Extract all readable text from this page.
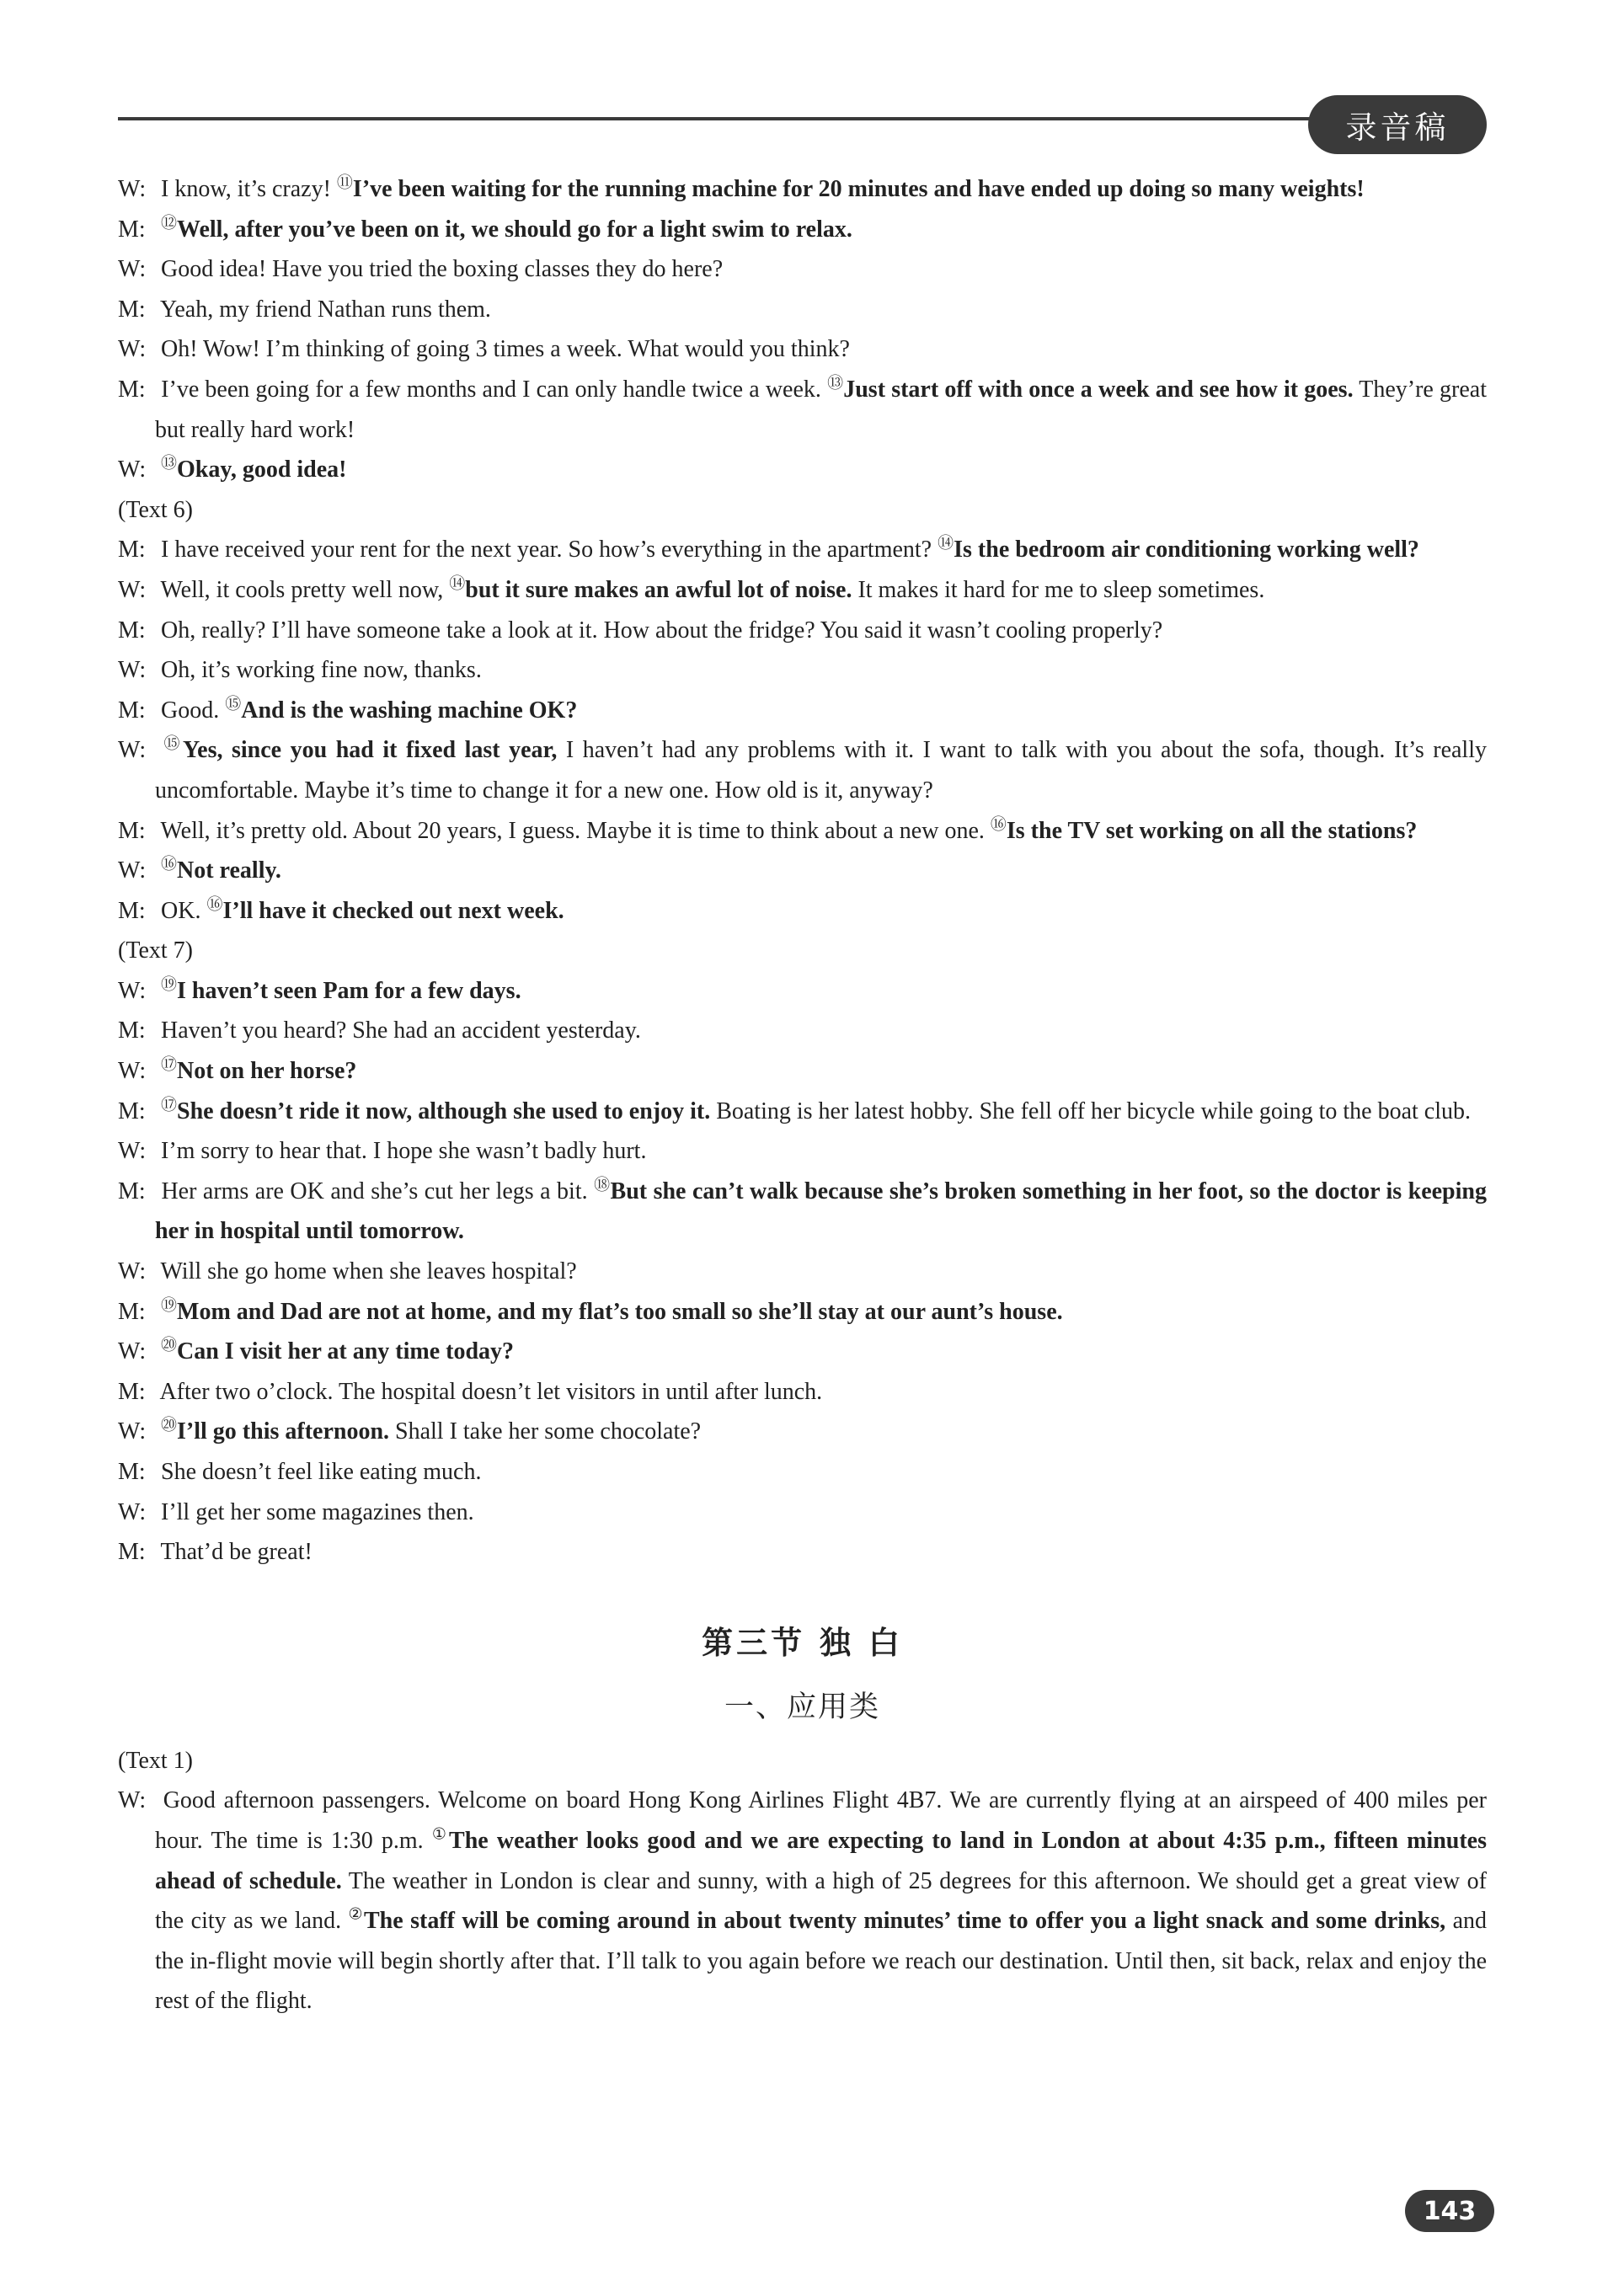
录音稿
W: I know, it’s crazy! ⑪I’ve been waiting for the running machine for 20 minutes and have ended up doing so many weights!
M: ⑫Well, after you’ve been on it, we should go for a light swim to relax.
W: Good idea! Have you tried the boxing classes they do here?
M: Yeah, my friend Nathan runs them.
W: Oh! Wow! I’m thinking of going 3 times a week. What would you think?
M: I’ve been going for a few months and I can only handle twice a week. ⑬Just start off with once a week and see how it goes. They’re great but really hard work!
W: ⑬Okay, good idea!
(Text 6)
M: I have received your rent for the next year. So how’s everything in the apartment? ⑭Is the bedroom air conditioning working well?
W: Well, it cools pretty well now, ⑭but it sure makes an awful lot of noise. It makes it hard for me to sleep sometimes.
M: Oh, really? I’ll have someone take a look at it. How about the fridge? You said it wasn’t cooling properly?
W: Oh, it’s working fine now, thanks.
M: Good. ⑮And is the washing machine OK?
W: ⑮Yes, since you had it fixed last year, I haven’t had any problems with it. I want to talk with you about the sofa, though. It’s really uncomfortable. Maybe it’s time to change it for a new one. How old is it, anyway?
M: Well, it’s pretty old. About 20 years, I guess. Maybe it is time to think about a new one. ⑯Is the TV set working on all the stations?
W: ⑯Not really.
M: OK. ⑯I’ll have it checked out next week.
(Text 7)
W: ⑲I haven’t seen Pam for a few days.
M: Haven’t you heard? She had an accident yesterday.
W: ⑰Not on her horse?
M: ⑰She doesn’t ride it now, although she used to enjoy it. Boating is her latest hobby. She fell off her bicycle while going to the boat club.
W: I’m sorry to hear that. I hope she wasn’t badly hurt.
M: Her arms are OK and she’s cut her legs a bit. ⑱But she can’t walk because she’s broken something in her foot, so the doctor is keeping her in hospital until tomorrow.
W: Will she go home when she leaves hospital?
M: ⑲Mom and Dad are not at home, and my flat’s too small so she’ll stay at our aunt’s house.
W: ⑳Can I visit her at any time today?
M: After two o’clock. The hospital doesn’t let visitors in until after lunch.
W: ⑳I’ll go this afternoon. Shall I take her some chocolate?
M: She doesn’t feel like eating much.
W: I’ll get her some magazines then.
M: That’d be great!
第三节 独 白
一、应用类
(Text 1)
W: Good afternoon passengers. Welcome on board Hong Kong Airlines Flight 4B7. We are currently flying at an airspeed of 400 miles per hour. The time is 1:30 p.m. ①The weather looks good and we are expecting to land in London at about 4:35 p.m., fifteen minutes ahead of schedule. The weather in London is clear and sunny, with a high of 25 degrees for this afternoon. We should get a great view of the city as we land. ②The staff will be coming around in about twenty minutes’ time to offer you a light snack and some drinks, and the in-flight movie will begin shortly after that. I’ll talk to you again before we reach our destination. Until then, sit back, relax and enjoy the rest of the flight.
143
